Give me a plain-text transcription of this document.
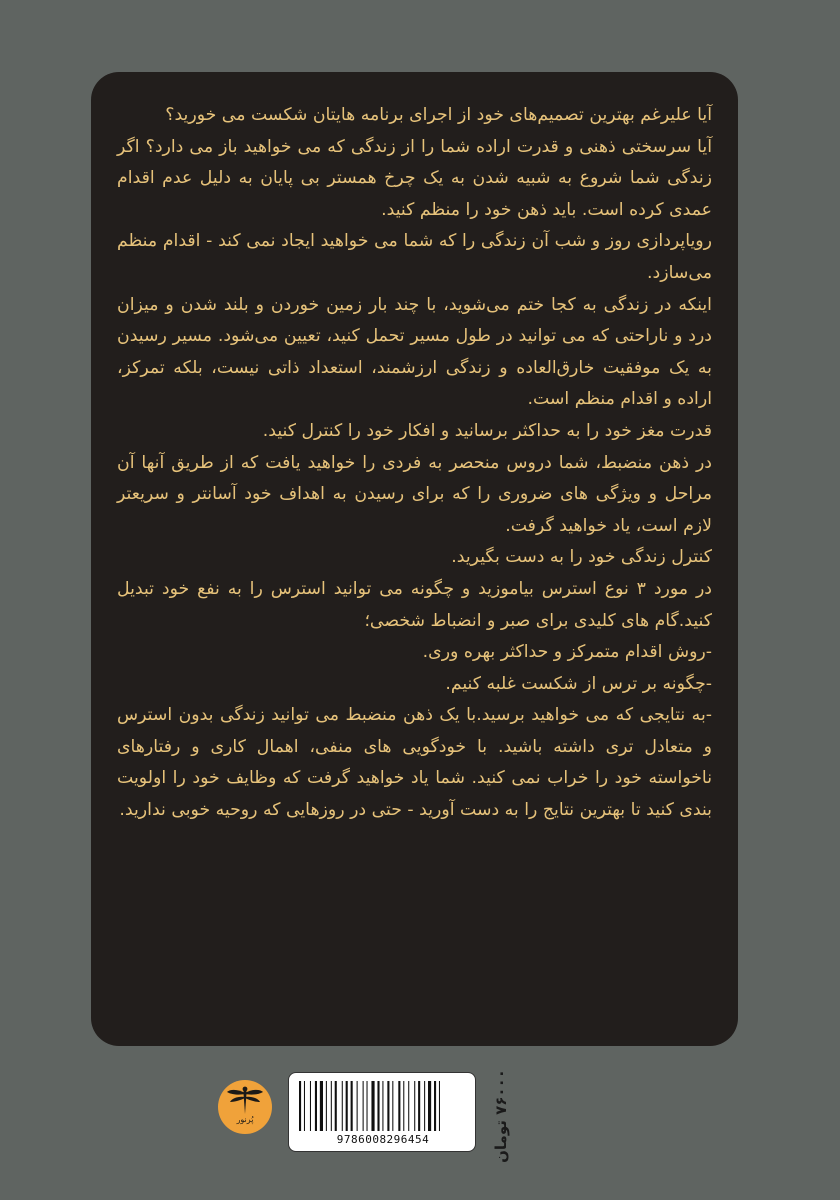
آیا علیرغم بهترین تصمیم‌های خود از اجرای برنامه هایتان شکست می خورید؟

آیا سرسختی ذهنی و قدرت اراده شما را از زندگی که می خواهید باز می دارد؟ اگر زندگی شما شروع به شبیه شدن به یک چرخ همستر بی پایان به دلیل عدم اقدام عمدی کرده است. باید ذهن خود را منظم کنید.

رویاپردازی روز و شب آن زندگی را که شما می خواهید ایجاد نمی کند - اقدام منظم می‌سازد.

اینکه در زندگی به کجا ختم می‌شوید، با چند بار زمین خوردن و بلند شدن و میزان درد و ناراحتی که می توانید در طول مسیر تحمل کنید، تعیین می‌شود. مسیر رسیدن به یک موفقیت خارق‌العاده و زندگی ارزشمند، استعداد ذاتی نیست، بلکه تمرکز، اراده و اقدام منظم است.

قدرت مغز خود را به حداکثر برسانید و افکار خود را کنترل کنید.

در ذهن منضبط، شما دروس منحصر به فردی را خواهید یافت که از طریق آنها آن مراحل و ویژگی های ضروری را که برای رسیدن به اهداف خود آسانتر و سریعتر لازم است، یاد خواهید گرفت.

کنترل زندگی خود را به دست بگیرید.

در مورد ۳ نوع استرس بیاموزید و چگونه می توانید استرس را به نفع خود تبدیل کنید.گام های کلیدی برای صبر و انضباط شخصی؛

-روش اقدام متمرکز و حداکثر بهره وری.

-چگونه بر ترس از شکست غلبه کنیم.

-به نتایجی که می خواهید برسید.با یک ذهن منضبط می توانید زندگی بدون استرس و متعادل تری داشته باشید. با خودگویی های منفی، اهمال کاری و رفتارهای ناخواسته خود را خراب نمی کنید. شما یاد خواهید گرفت که وظایف خود را اولویت بندی کنید تا بهترین نتایج را به دست آورید - حتی در روزهایی که روحیه خوبی ندارید.

پُرنور
9786008296454	۷۶۰۰۰ تومان
